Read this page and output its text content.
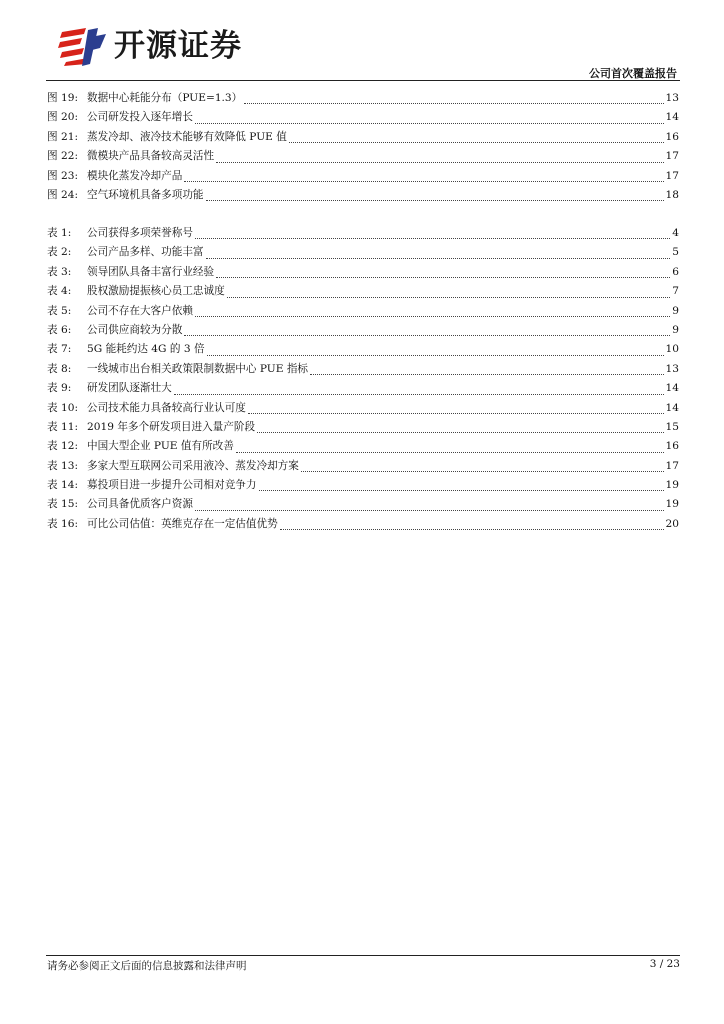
开源证券
公司首次覆盖报告
图 19: 数据中心耗能分布（PUE=1.3）	13
图 20: 公司研发投入逐年增长	14
图 21: 蒸发冷却、液冷技术能够有效降低 PUE 值	16
图 22: 微模块产品具备较高灵活性	17
图 23: 模块化蒸发冷却产品	17
图 24: 空气环境机具备多项功能	18
表 1:	公司获得多项荣誉称号	4
表 2:	公司产品多样、功能丰富	5
表 3:	领导团队具备丰富行业经验	6
表 4:	股权激励提振核心员工忠诚度	7
表 5:	公司不存在大客户依赖	9
表 6:	公司供应商较为分散	9
表 7:	5G 能耗约达 4G 的 3 倍	10
表 8:	一线城市出台相关政策限制数据中心 PUE 指标	13
表 9:	研发团队逐渐壮大	14
表 10: 公司技术能力具备较高行业认可度	14
表 11: 2019 年多个研发项目进入量产阶段	15
表 12: 中国大型企业 PUE 值有所改善	16
表 13: 多家大型互联网公司采用液冷、蒸发冷却方案	17
表 14: 募投项目进一步提升公司相对竞争力	19
表 15: 公司具备优质客户资源	19
表 16: 可比公司估值：英维克存在一定估值优势	20
请务必参阅正文后面的信息披露和法律声明	3 / 23
